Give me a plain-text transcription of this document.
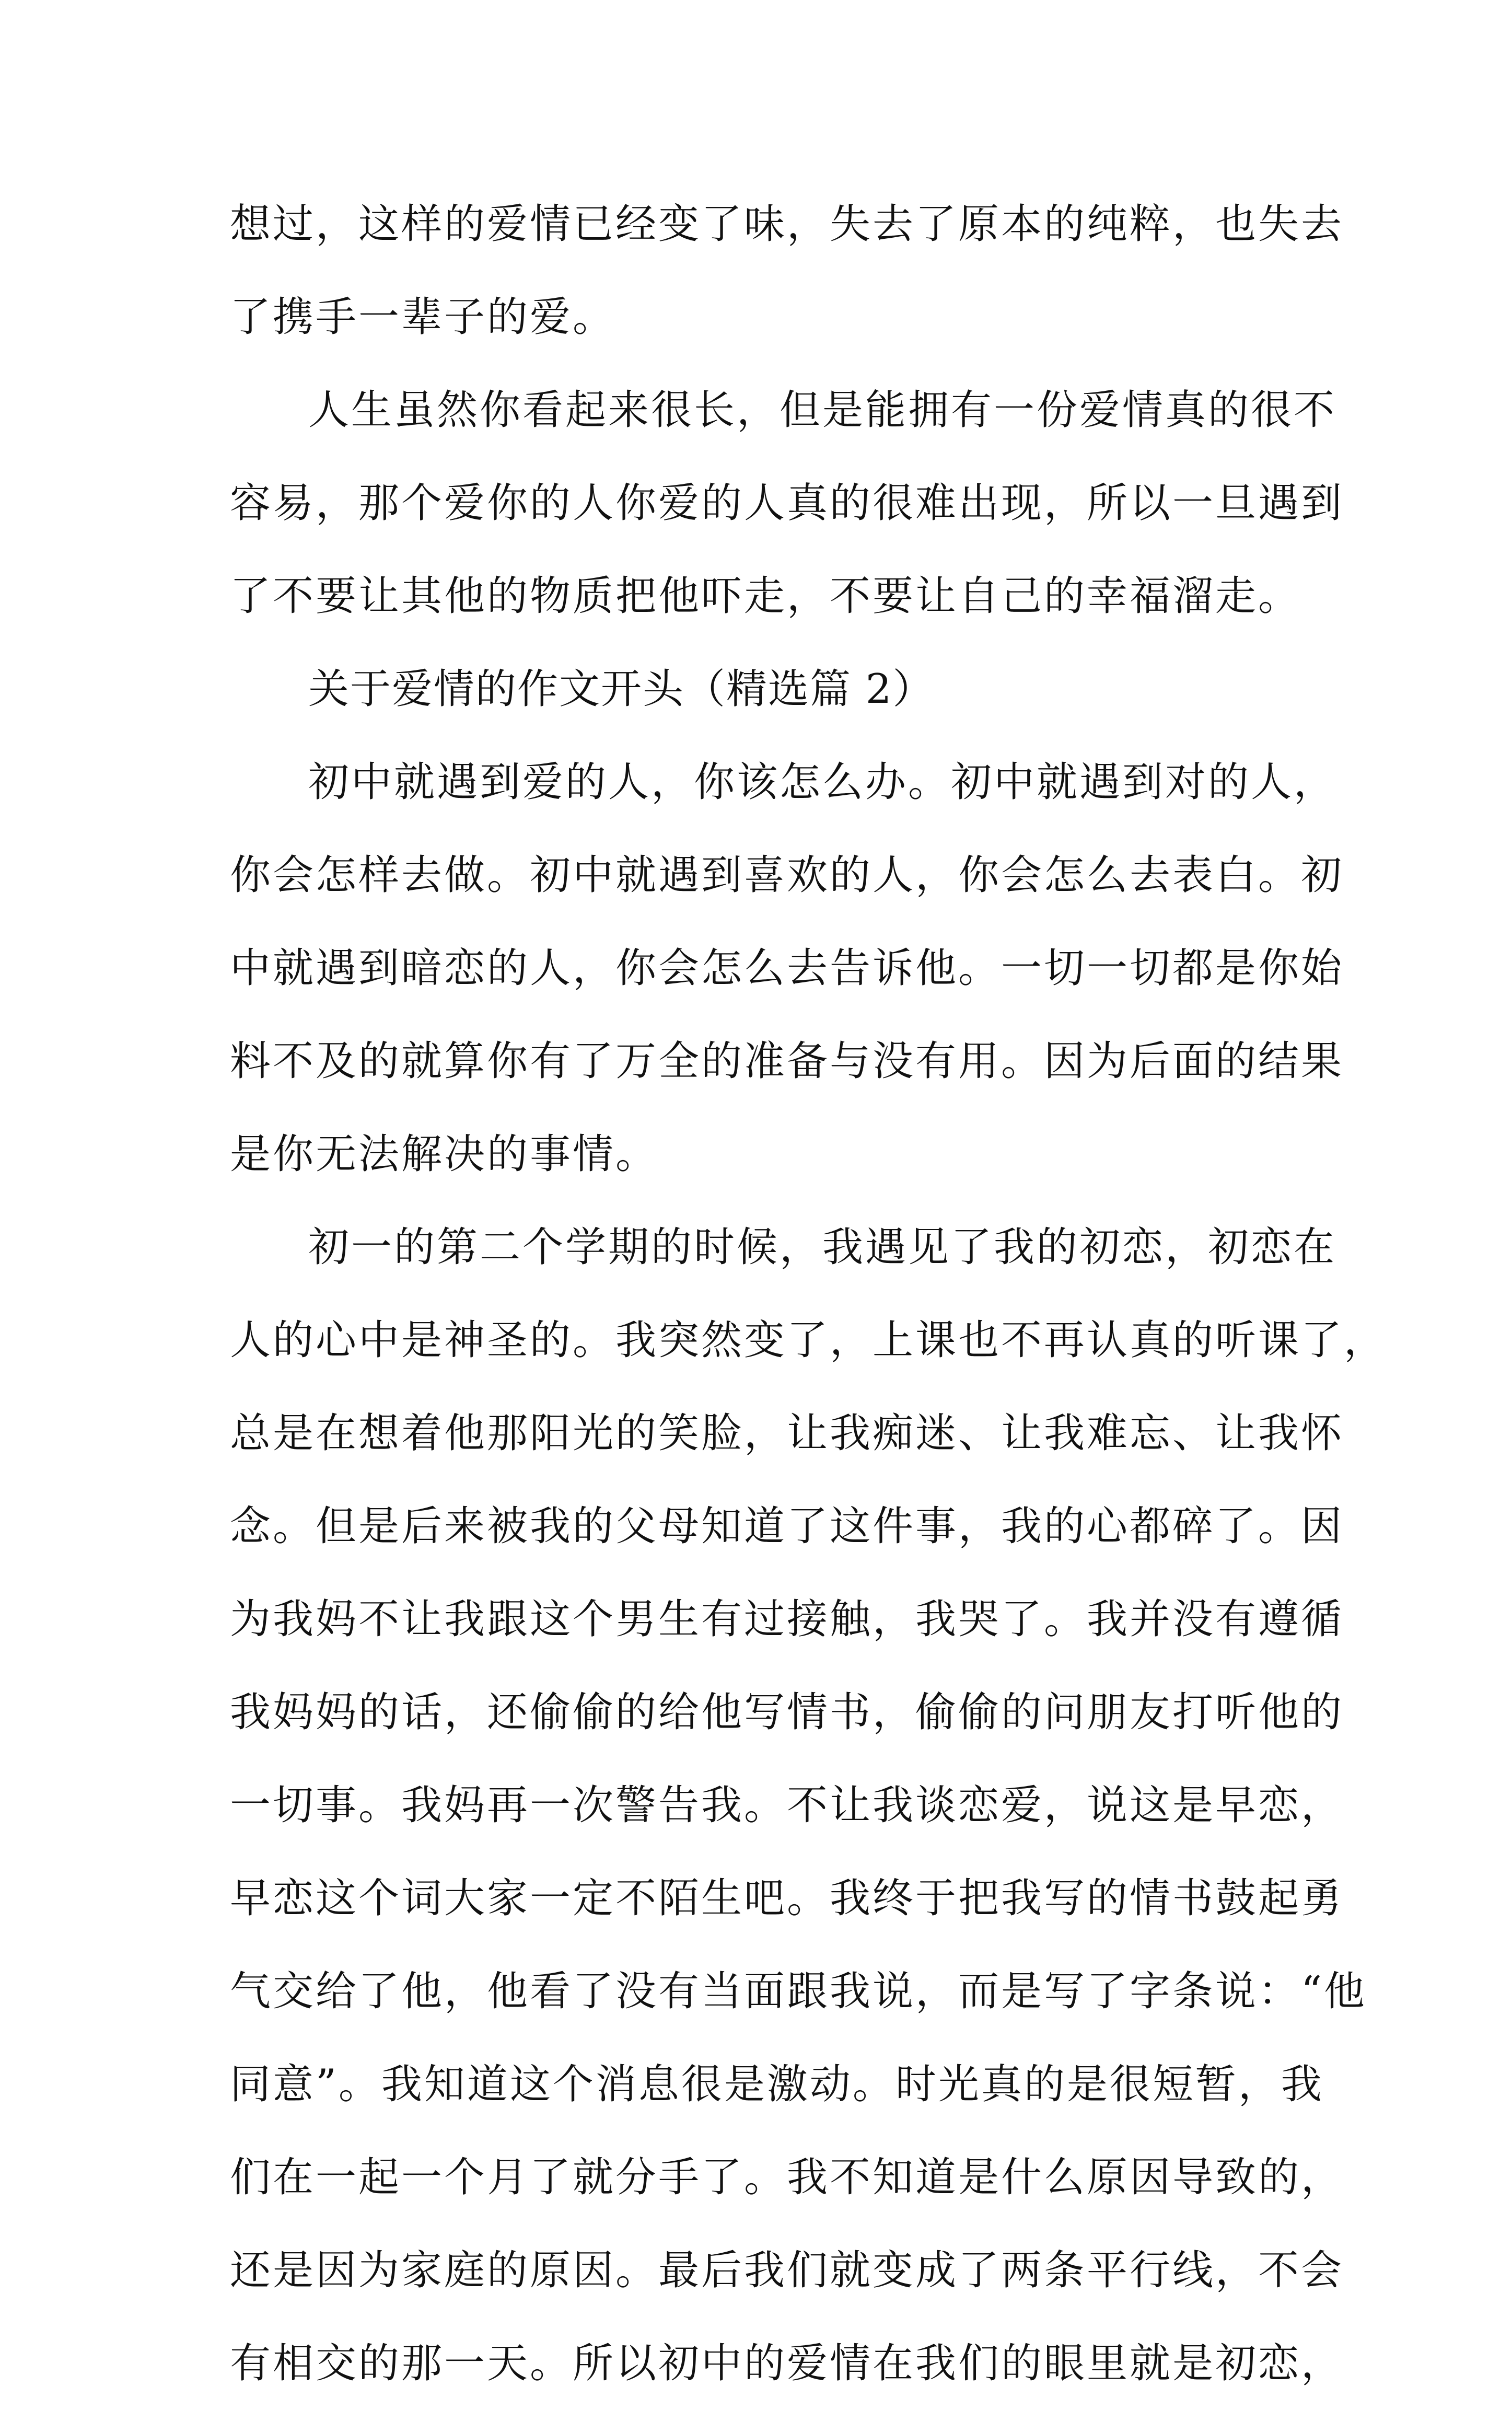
想过，这样的爱情已经变了味，失去了原本的纯粹，也失去
了携手一辈子的爱。
人生虽然你看起来很长，但是能拥有一份爱情真的很不
容易，那个爱你的人你爱的人真的很难出现，所以一旦遇到
了不要让其他的物质把他吓走，不要让自己的幸福溜走。
关于爱情的作文开头（精选篇 2）
初中就遇到爱的人，你该怎么办。初中就遇到对的人，
你会怎样去做。初中就遇到喜欢的人，你会怎么去表白。初
中就遇到暗恋的人，你会怎么去告诉他。一切一切都是你始
料不及的就算你有了万全的准备与没有用。因为后面的结果
是你无法解决的事情。
初一的第二个学期的时候，我遇见了我的初恋，初恋在
人的心中是神圣的。我突然变了，上课也不再认真的听课了，
总是在想着他那阳光的笑脸，让我痴迷、让我难忘、让我怀
念。但是后来被我的父母知道了这件事，我的心都碎了。因
为我妈不让我跟这个男生有过接触，我哭了。我并没有遵循
我妈妈的话，还偷偷的给他写情书，偷偷的问朋友打听他的
一切事。我妈再一次警告我。不让我谈恋爱，说这是早恋，
早恋这个词大家一定不陌生吧。我终于把我写的情书鼓起勇
气交给了他，他看了没有当面跟我说，而是写了字条说：“他
同意”。我知道这个消息很是激动。时光真的是很短暂，我
们在一起一个月了就分手了。我不知道是什么原因导致的，
还是因为家庭的原因。最后我们就变成了两条平行线，不会
有相交的那一天。所以初中的爱情在我们的眼里就是初恋，
